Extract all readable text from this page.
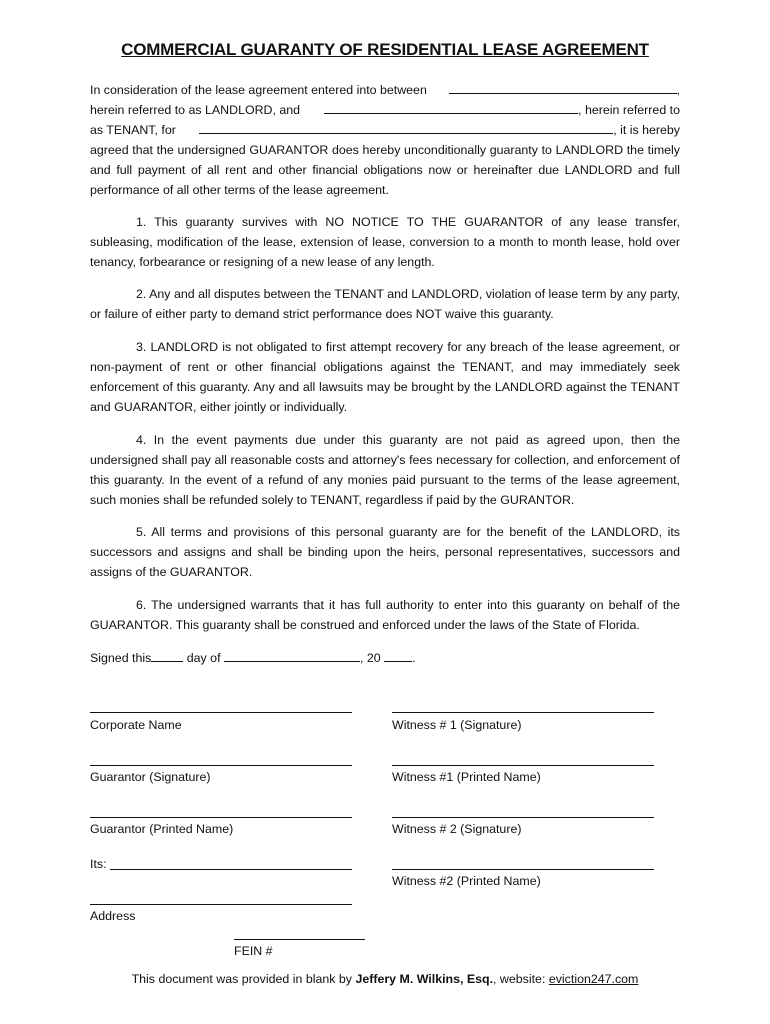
COMMERCIAL GUARANTY OF RESIDENTIAL LEASE AGREEMENT
In consideration of the lease agreement entered into between	,
herein referred to as LANDLORD, and	, herein referred to
as TENANT, for	, it is hereby
agreed that the undersigned GUARANTOR does hereby unconditionally guaranty to LANDLORD the timely and full payment of all rent and other financial obligations now or hereinafter due LANDLORD and full performance of all other terms of the lease agreement.
1. This guaranty survives with NO NOTICE TO THE GUARANTOR of any lease transfer, subleasing, modification of the lease, extension of lease, conversion to a month to month lease, hold over tenancy, forbearance or resigning of a new lease of any length.
2. Any and all disputes between the TENANT and LANDLORD, violation of lease term by any party, or failure of either party to demand strict performance does NOT waive this guaranty.
3. LANDLORD is not obligated to first attempt recovery for any breach of the lease agreement, or non-payment of rent or other financial obligations against the TENANT, and may immediately seek enforcement of this guaranty. Any and all lawsuits may be brought by the LANDLORD against the TENANT and GUARANTOR, either jointly or individually.
4. In the event payments due under this guaranty are not paid as agreed upon, then the undersigned shall pay all reasonable costs and attorney's fees necessary for collection, and enforcement of this guaranty. In the event of a refund of any monies paid pursuant to the terms of the lease agreement, such monies shall be refunded solely to TENANT, regardless if paid by the GURANTOR.
5. All terms and provisions of this personal guaranty are for the benefit of the LANDLORD, its successors and assigns and shall be binding upon the heirs, personal representatives, successors and assigns of the GUARANTOR.
6. The undersigned warrants that it has full authority to enter into this guaranty on behalf of the GUARANTOR. This guaranty shall be construed and enforced under the laws of the State of Florida.
Signed this	day of	, 20	.
Corporate Name
Guarantor (Signature)
Guarantor (Printed Name)
Its:
Address
FEIN #
Witness # 1 (Signature)
Witness #1 (Printed Name)
Witness # 2 (Signature)
Witness #2 (Printed Name)
This document was provided in blank by Jeffery M. Wilkins, Esq., website: eviction247.com
